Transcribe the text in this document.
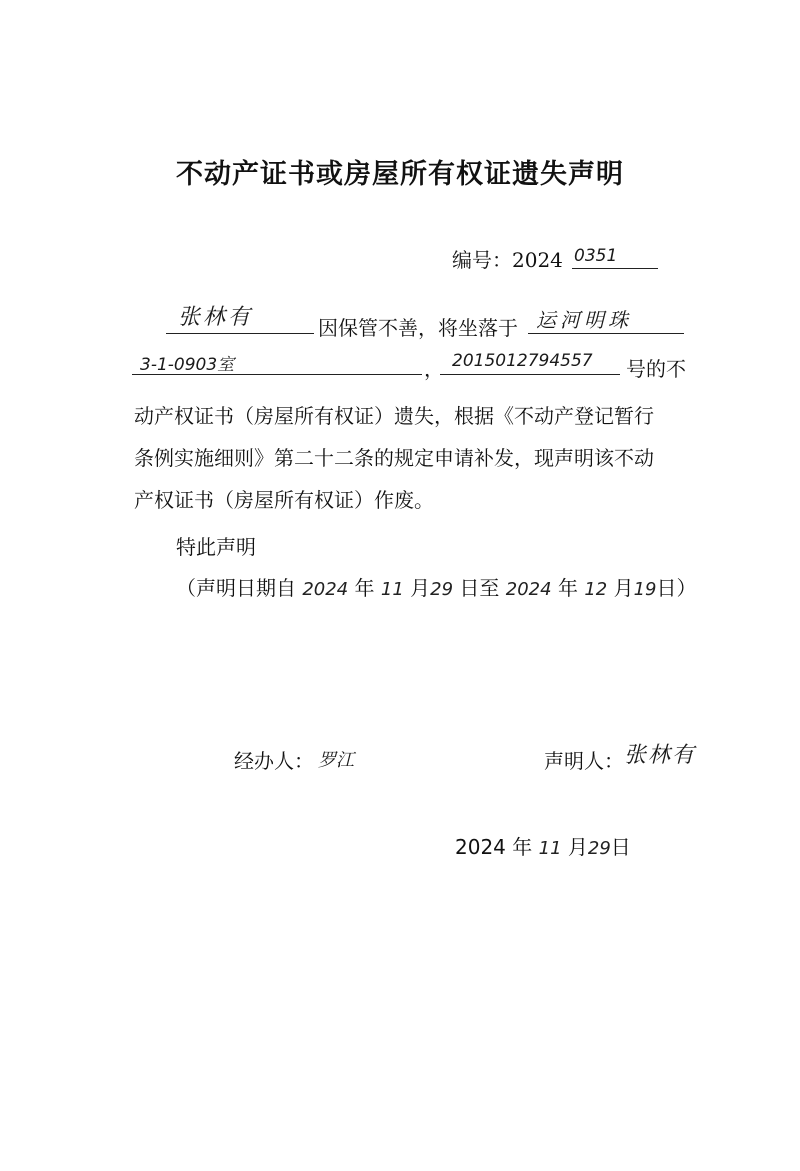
不动产证书或房屋所有权证遗失声明
编号：2024 0351
张林有	因保管不善，将坐落于 运河明珠
3-1-0903室	， 2015012794557 号的不
动产权证书（房屋所有权证）遗失，根据《不动产登记暂行
条例实施细则》第二十二条的规定申请补发，现声明该不动
产权证书（房屋所有权证）作废。
特此声明
（声明日期自 2024 年 11 月29 日至 2024 年 12 月19日）
经办人： 罗江	声明人： 张林有
2024 年 11 月29日
